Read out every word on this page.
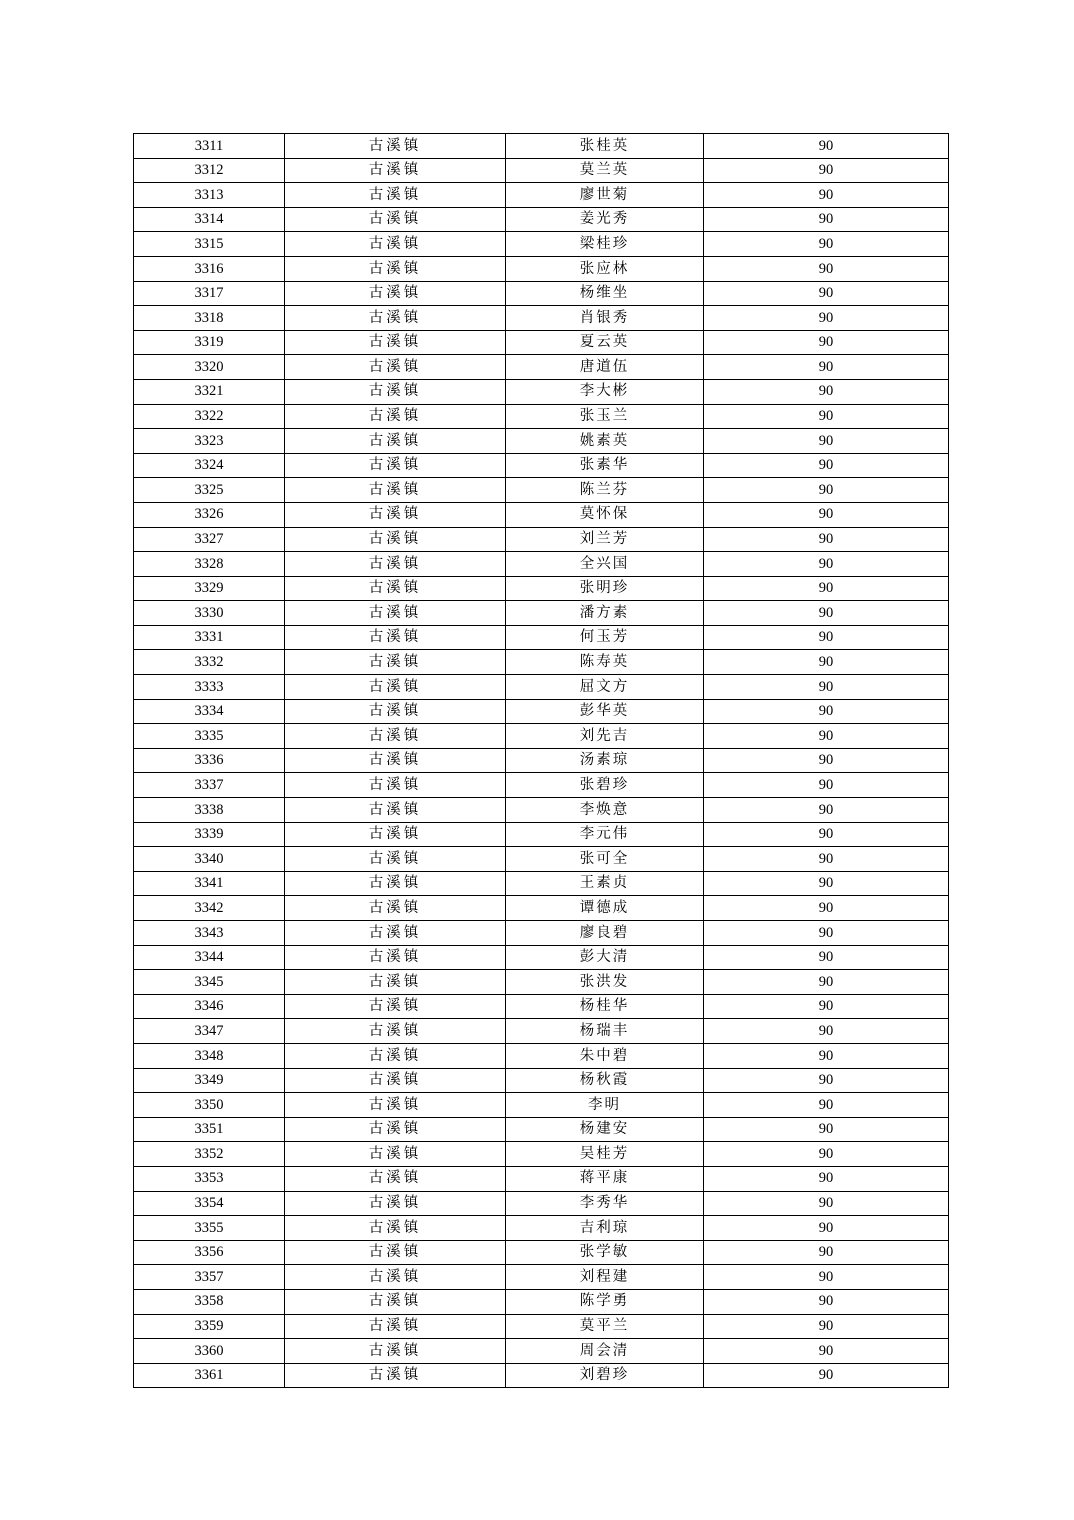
3311	古溪镇	张桂英	90
3312	古溪镇	莫兰英	90
3313	古溪镇	廖世菊	90
3314	古溪镇	姜光秀	90
3315	古溪镇	梁桂珍	90
3316	古溪镇	张应林	90
3317	古溪镇	杨维坐	90
3318	古溪镇	肖银秀	90
3319	古溪镇	夏云英	90
3320	古溪镇	唐道伍	90
3321	古溪镇	李大彬	90
3322	古溪镇	张玉兰	90
3323	古溪镇	姚素英	90
3324	古溪镇	张素华	90
3325	古溪镇	陈兰芬	90
3326	古溪镇	莫怀保	90
3327	古溪镇	刘兰芳	90
3328	古溪镇	全兴国	90
3329	古溪镇	张明珍	90
3330	古溪镇	潘方素	90
3331	古溪镇	何玉芳	90
3332	古溪镇	陈寿英	90
3333	古溪镇	屈文方	90
3334	古溪镇	彭华英	90
3335	古溪镇	刘先吉	90
3336	古溪镇	汤素琼	90
3337	古溪镇	张碧珍	90
3338	古溪镇	李焕意	90
3339	古溪镇	李元伟	90
3340	古溪镇	张可全	90
3341	古溪镇	王素贞	90
3342	古溪镇	谭德成	90
3343	古溪镇	廖良碧	90
3344	古溪镇	彭大清	90
3345	古溪镇	张洪发	90
3346	古溪镇	杨桂华	90
3347	古溪镇	杨瑞丰	90
3348	古溪镇	朱中碧	90
3349	古溪镇	杨秋霞	90
3350	古溪镇	李明	90
3351	古溪镇	杨建安	90
3352	古溪镇	吴桂芳	90
3353	古溪镇	蒋平康	90
3354	古溪镇	李秀华	90
3355	古溪镇	吉利琼	90
3356	古溪镇	张学敏	90
3357	古溪镇	刘程建	90
3358	古溪镇	陈学勇	90
3359	古溪镇	莫平兰	90
3360	古溪镇	周会清	90
3361	古溪镇	刘碧珍	90
